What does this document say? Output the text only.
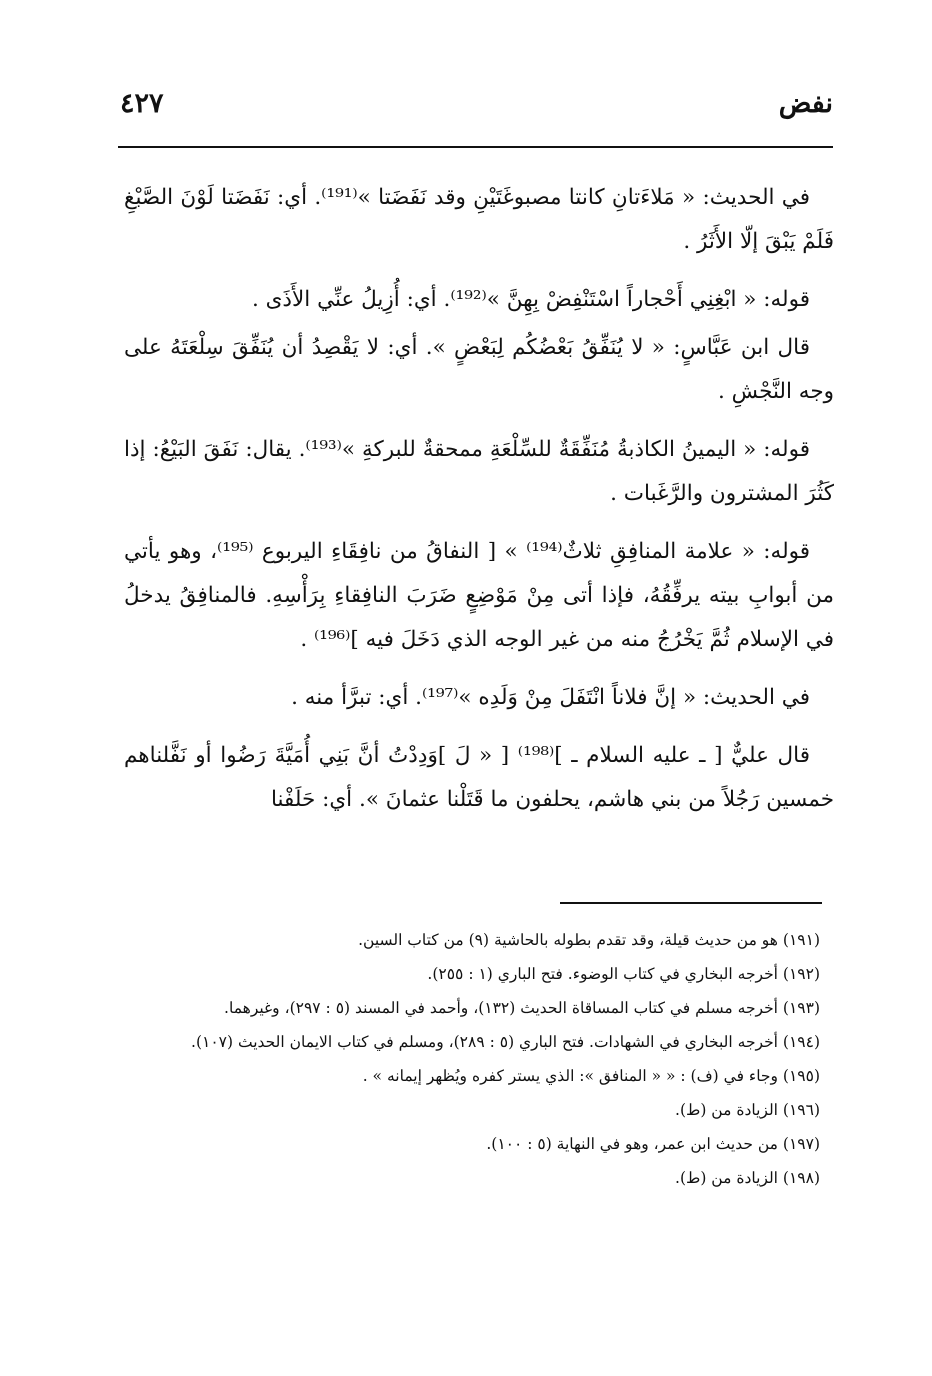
نفض
٤٢٧

في الحديث: « مَلاءَتانِ كانتا مصبوغَتَيْنِ وقد نَفَضَتا »⁽¹⁹¹⁾. أي: نَفَضَتا لَوْنَ الصَّبْغِ فَلَمْ يَبْقَ إلّا الأَثَرُ .

قوله: « ابْغِنِي أَحْجاراً اسْتَنْفِضْ بِهِنَّ »⁽¹⁹²⁾. أي: أُزِيلُ عنِّي الأَذَى .

قال ابن عَبَّاسٍ: « لا يُنَفِّقُ بَعْضُكُم لِبَعْضٍ ». أي: لا يَقْصِدُ أن يُنَفِّقَ سِلْعَتَهُ على وجه النَّجْشِ .

قوله: « اليمينُ الكاذبةُ مُنَفِّقَةٌ للسِّلْعَةِ ممحقةٌ للبركةِ »⁽¹⁹³⁾. يقال: نَفَقَ البَيْعُ: إذا كَثُرَ المشترون والرَّغَبات .

قوله: « علامة المنافِقِ ثلاثٌ⁽¹⁹⁴⁾ » [ النفاقُ من نافِقَاءِ اليربوع ⁽¹⁹⁵⁾، وهو يأتي من أبوابِ بيته يرفِّقُهُ، فإذا أتى مِنْ مَوْضِعٍ ضَرَبَ النافِقاءِ بِرَأْسِهِ. فالمنافِقُ يدخلُ في الإسلام ثُمَّ يَخْرُجُ منه من غير الوجه الذي دَخَلَ فيه ]⁽¹⁹⁶⁾ .

في الحديث: « إنَّ فلاناً انْتَفَلَ مِنْ وَلَدِه »⁽¹⁹⁷⁾. أي: تبرَّأ منه .

قال عليٌّ [ ـ عليه السلام ـ ]⁽¹⁹⁸⁾ [ « لَ ]وَدِدْتُ أنَّ بَنِي أُمَيَّةَ رَضُوا أو نَفَّلناهم خمسين رَجُلاً من بني هاشم، يحلفون ما قَتَلْنا عثمانَ ». أي: حَلَفْنا

(١٩١) هو من حديث قيلة، وقد تقدم بطوله بالحاشية (٩) من كتاب السين.

(١٩٢) أخرجه البخاري في كتاب الوضوء. فتح الباري (١ : ٢٥٥).

(١٩٣) أخرجه مسلم في كتاب المساقاة الحديث (١٣٢)، وأحمد في المسند (٥ : ٢٩٧)، وغيرهما.

(١٩٤) أخرجه البخاري في الشهادات. فتح الباري (٥ : ٢٨٩)، ومسلم في كتاب الايمان الحديث (١٠٧).

(١٩٥) وجاء في (ف) : « « المنافق »: الذي يستر كفره ويُظهر إيمانه » .

(١٩٦) الزيادة من (ط).

(١٩٧) من حديث ابن عمر، وهو في النهاية (٥ : ١٠٠).

(١٩٨) الزيادة من (ط).
